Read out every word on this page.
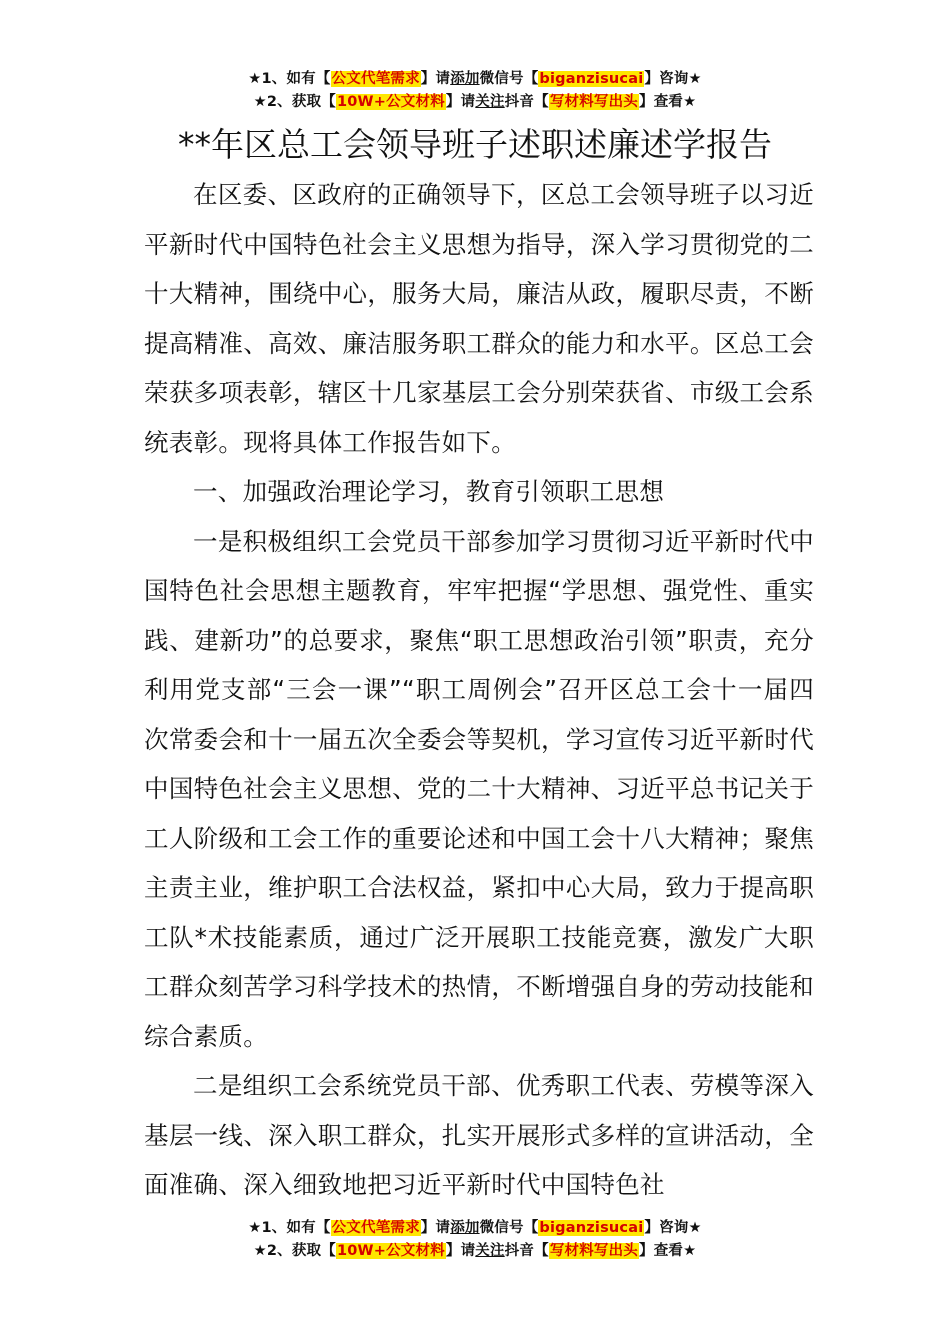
★1、如有【公文代笔需求】请添加微信号【biganzisucai】咨询★
★2、获取【10W+公文材料】请关注抖音【写材料写出头】查看★
**年区总工会领导班子述职述廉述学报告

在区委、区政府的正确领导下，区总工会领导班子以习近平新时代中国特色社会主义思想为指导，深入学习贯彻党的二十大精神，围绕中心，服务大局，廉洁从政，履职尽责，不断提高精准、高效、廉洁服务职工群众的能力和水平。区总工会荣获多项表彰，辖区十几家基层工会分别荣获省、市级工会系统表彰。现将具体工作报告如下。

一、加强政治理论学习，教育引领职工思想

一是积极组织工会党员干部参加学习贯彻习近平新时代中国特色社会思想主题教育，牢牢把握“学思想、强党性、重实践、建新功”的总要求，聚焦“职工思想政治引领”职责，充分利用党支部“三会一课”“职工周例会”召开区总工会十一届四次常委会和十一届五次全委会等契机，学习宣传习近平新时代中国特色社会主义思想、党的二十大精神、习近平总书记关于工人阶级和工会工作的重要论述和中国工会十八大精神；聚焦主责主业，维护职工合法权益，紧扣中心大局，致力于提高职工队*术技能素质，通过广泛开展职工技能竞赛，激发广大职工群众刻苦学习科学技术的热情，不断增强自身的劳动技能和综合素质。

二是组织工会系统党员干部、优秀职工代表、劳模等深入基层一线、深入职工群众，扎实开展形式多样的宣讲活动，全面准确、深入细致地把习近平新时代中国特色社

★1、如有【公文代笔需求】请添加微信号【biganzisucai】咨询★
★2、获取【10W+公文材料】请关注抖音【写材料写出头】查看★
